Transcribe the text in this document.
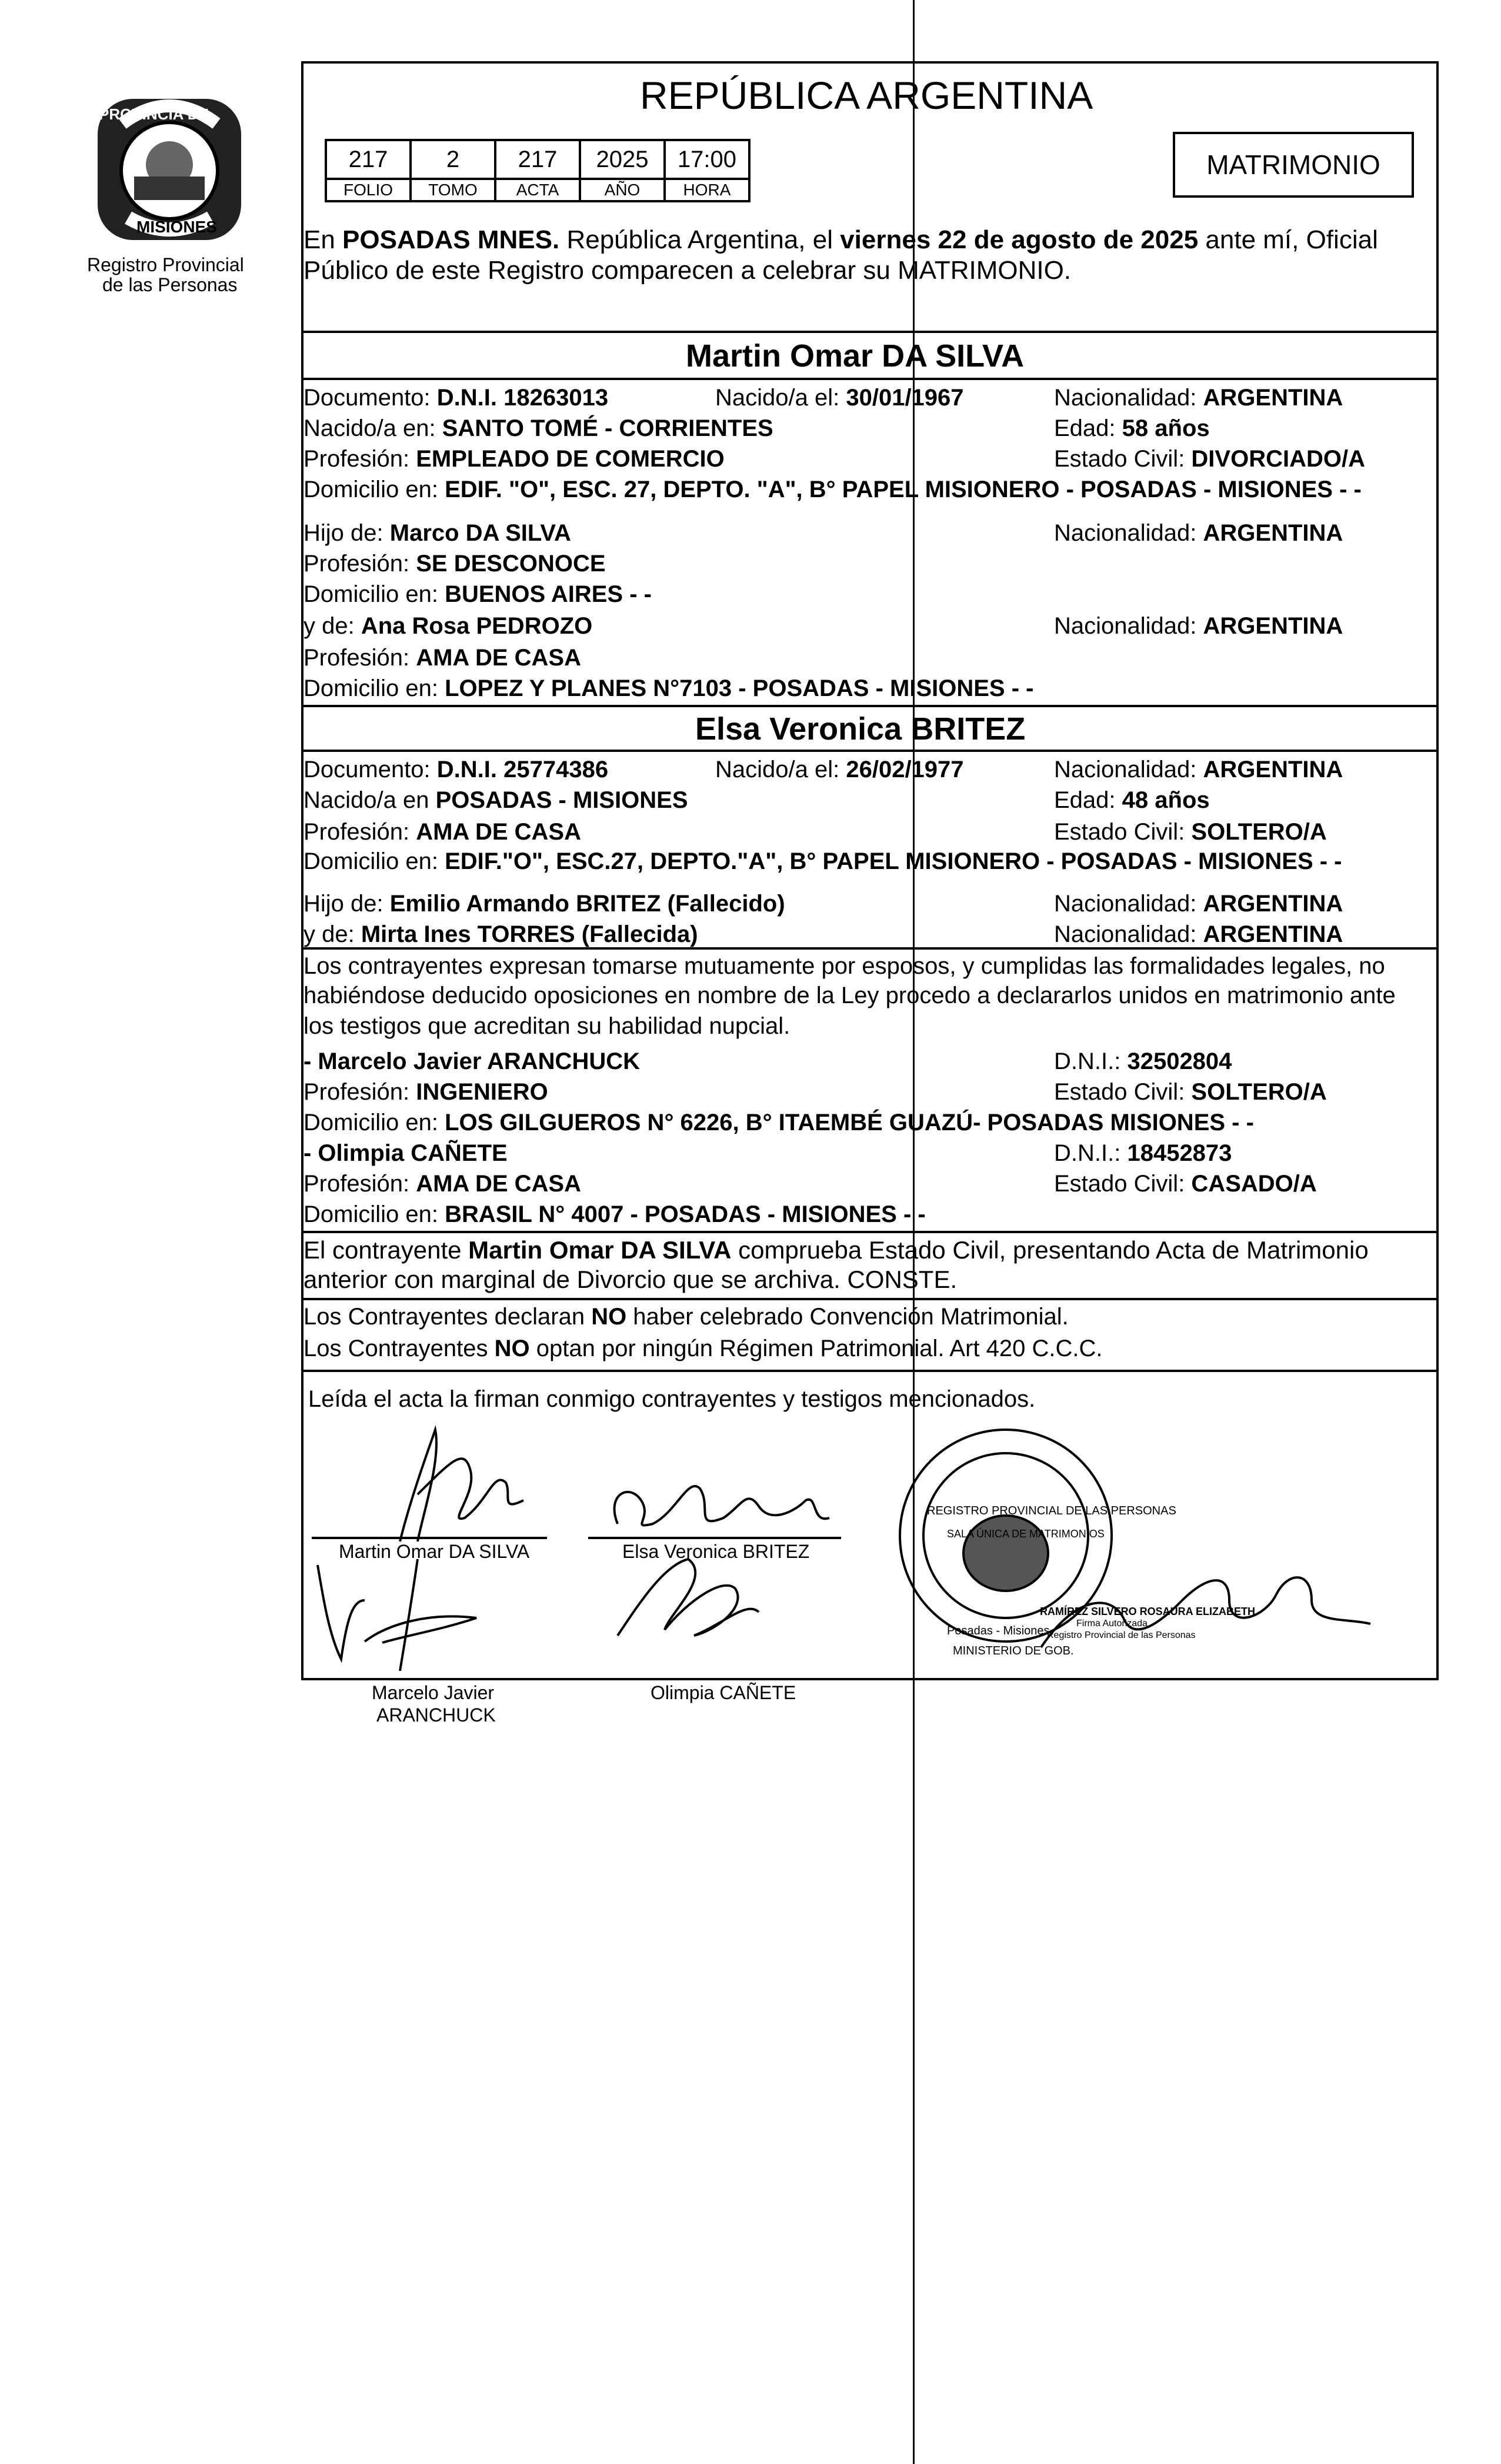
PROVINCIA DE
MISIONES
Registro Provincial
de las Personas
REPÚBLICA ARGENTINA
217	2	217	2025	17:00
FOLIO	TOMO	ACTA	AÑO	HORA
MATRIMONIO
En POSADAS MNES. República Argentina, el viernes 22 de agosto de 2025 ante mí, Oficial
Público de este Registro comparecen a celebrar su MATRIMONIO.
Martin Omar DA SILVA
Documento: D.N.I. 18263013	Nacido/a el: 30/01/1967	Nacionalidad: ARGENTINA
Nacido/a en: SANTO TOMÉ - CORRIENTES	Edad: 58 años
Profesión: EMPLEADO DE COMERCIO	Estado Civil: DIVORCIADO/A
Domicilio en: EDIF. "O", ESC. 27, DEPTO. "A", B° PAPEL MISIONERO - POSADAS - MISIONES - -
Hijo de: Marco DA SILVA	Nacionalidad: ARGENTINA
Profesión: SE DESCONOCE
Domicilio en: BUENOS AIRES - -
y de: Ana Rosa PEDROZO	Nacionalidad: ARGENTINA
Profesión: AMA DE CASA
Domicilio en: LOPEZ Y PLANES N°7103 - POSADAS - MISIONES - -
Elsa Veronica BRITEZ
Documento: D.N.I. 25774386	Nacido/a el: 26/02/1977	Nacionalidad: ARGENTINA
Nacido/a en POSADAS - MISIONES	Edad: 48 años
Profesión: AMA DE CASA	Estado Civil: SOLTERO/A
Domicilio en: EDIF."O", ESC.27, DEPTO."A", B° PAPEL MISIONERO - POSADAS - MISIONES - -
Hijo de: Emilio Armando BRITEZ (Fallecido)	Nacionalidad: ARGENTINA
y de: Mirta Ines TORRES (Fallecida)	Nacionalidad: ARGENTINA
Los contrayentes expresan tomarse mutuamente por esposos, y cumplidas las formalidades legales, no
habiéndose deducido oposiciones en nombre de la Ley procedo a declararlos unidos en matrimonio ante
los testigos que acreditan su habilidad nupcial.
- Marcelo Javier ARANCHUCK	D.N.I.: 32502804
Profesión: INGENIERO	Estado Civil: SOLTERO/A
Domicilio en: LOS GILGUEROS N° 6226, B° ITAEMBÉ GUAZÚ- POSADAS MISIONES - -
- Olimpia CAÑETE	D.N.I.: 18452873
Profesión: AMA DE CASA	Estado Civil: CASADO/A
Domicilio en: BRASIL N° 4007 - POSADAS - MISIONES - -
El contrayente Martin Omar DA SILVA comprueba Estado Civil, presentando Acta de Matrimonio
anterior con marginal de Divorcio que se archiva. CONSTE.
Los Contrayentes declaran NO haber celebrado Convención Matrimonial.
Los Contrayentes NO optan por ningún Régimen Patrimonial. Art 420 C.C.C.
Leída el acta la firman conmigo contrayentes y testigos mencionados.
Martin Omar DA SILVA	Elsa Veronica BRITEZ
Marcelo Javier
ARANCHUCK
Olimpia CAÑETE
REGISTRO PROVINCIAL DE LAS PERSONAS
SALA ÚNICA DE MATRIMONIOS
Posadas - Misiones
MINISTERIO DE GOB.
RAMÍREZ SILVERO ROSAURA ELIZABETH
Firma Autorizada
Registro Provincial de las Personas
